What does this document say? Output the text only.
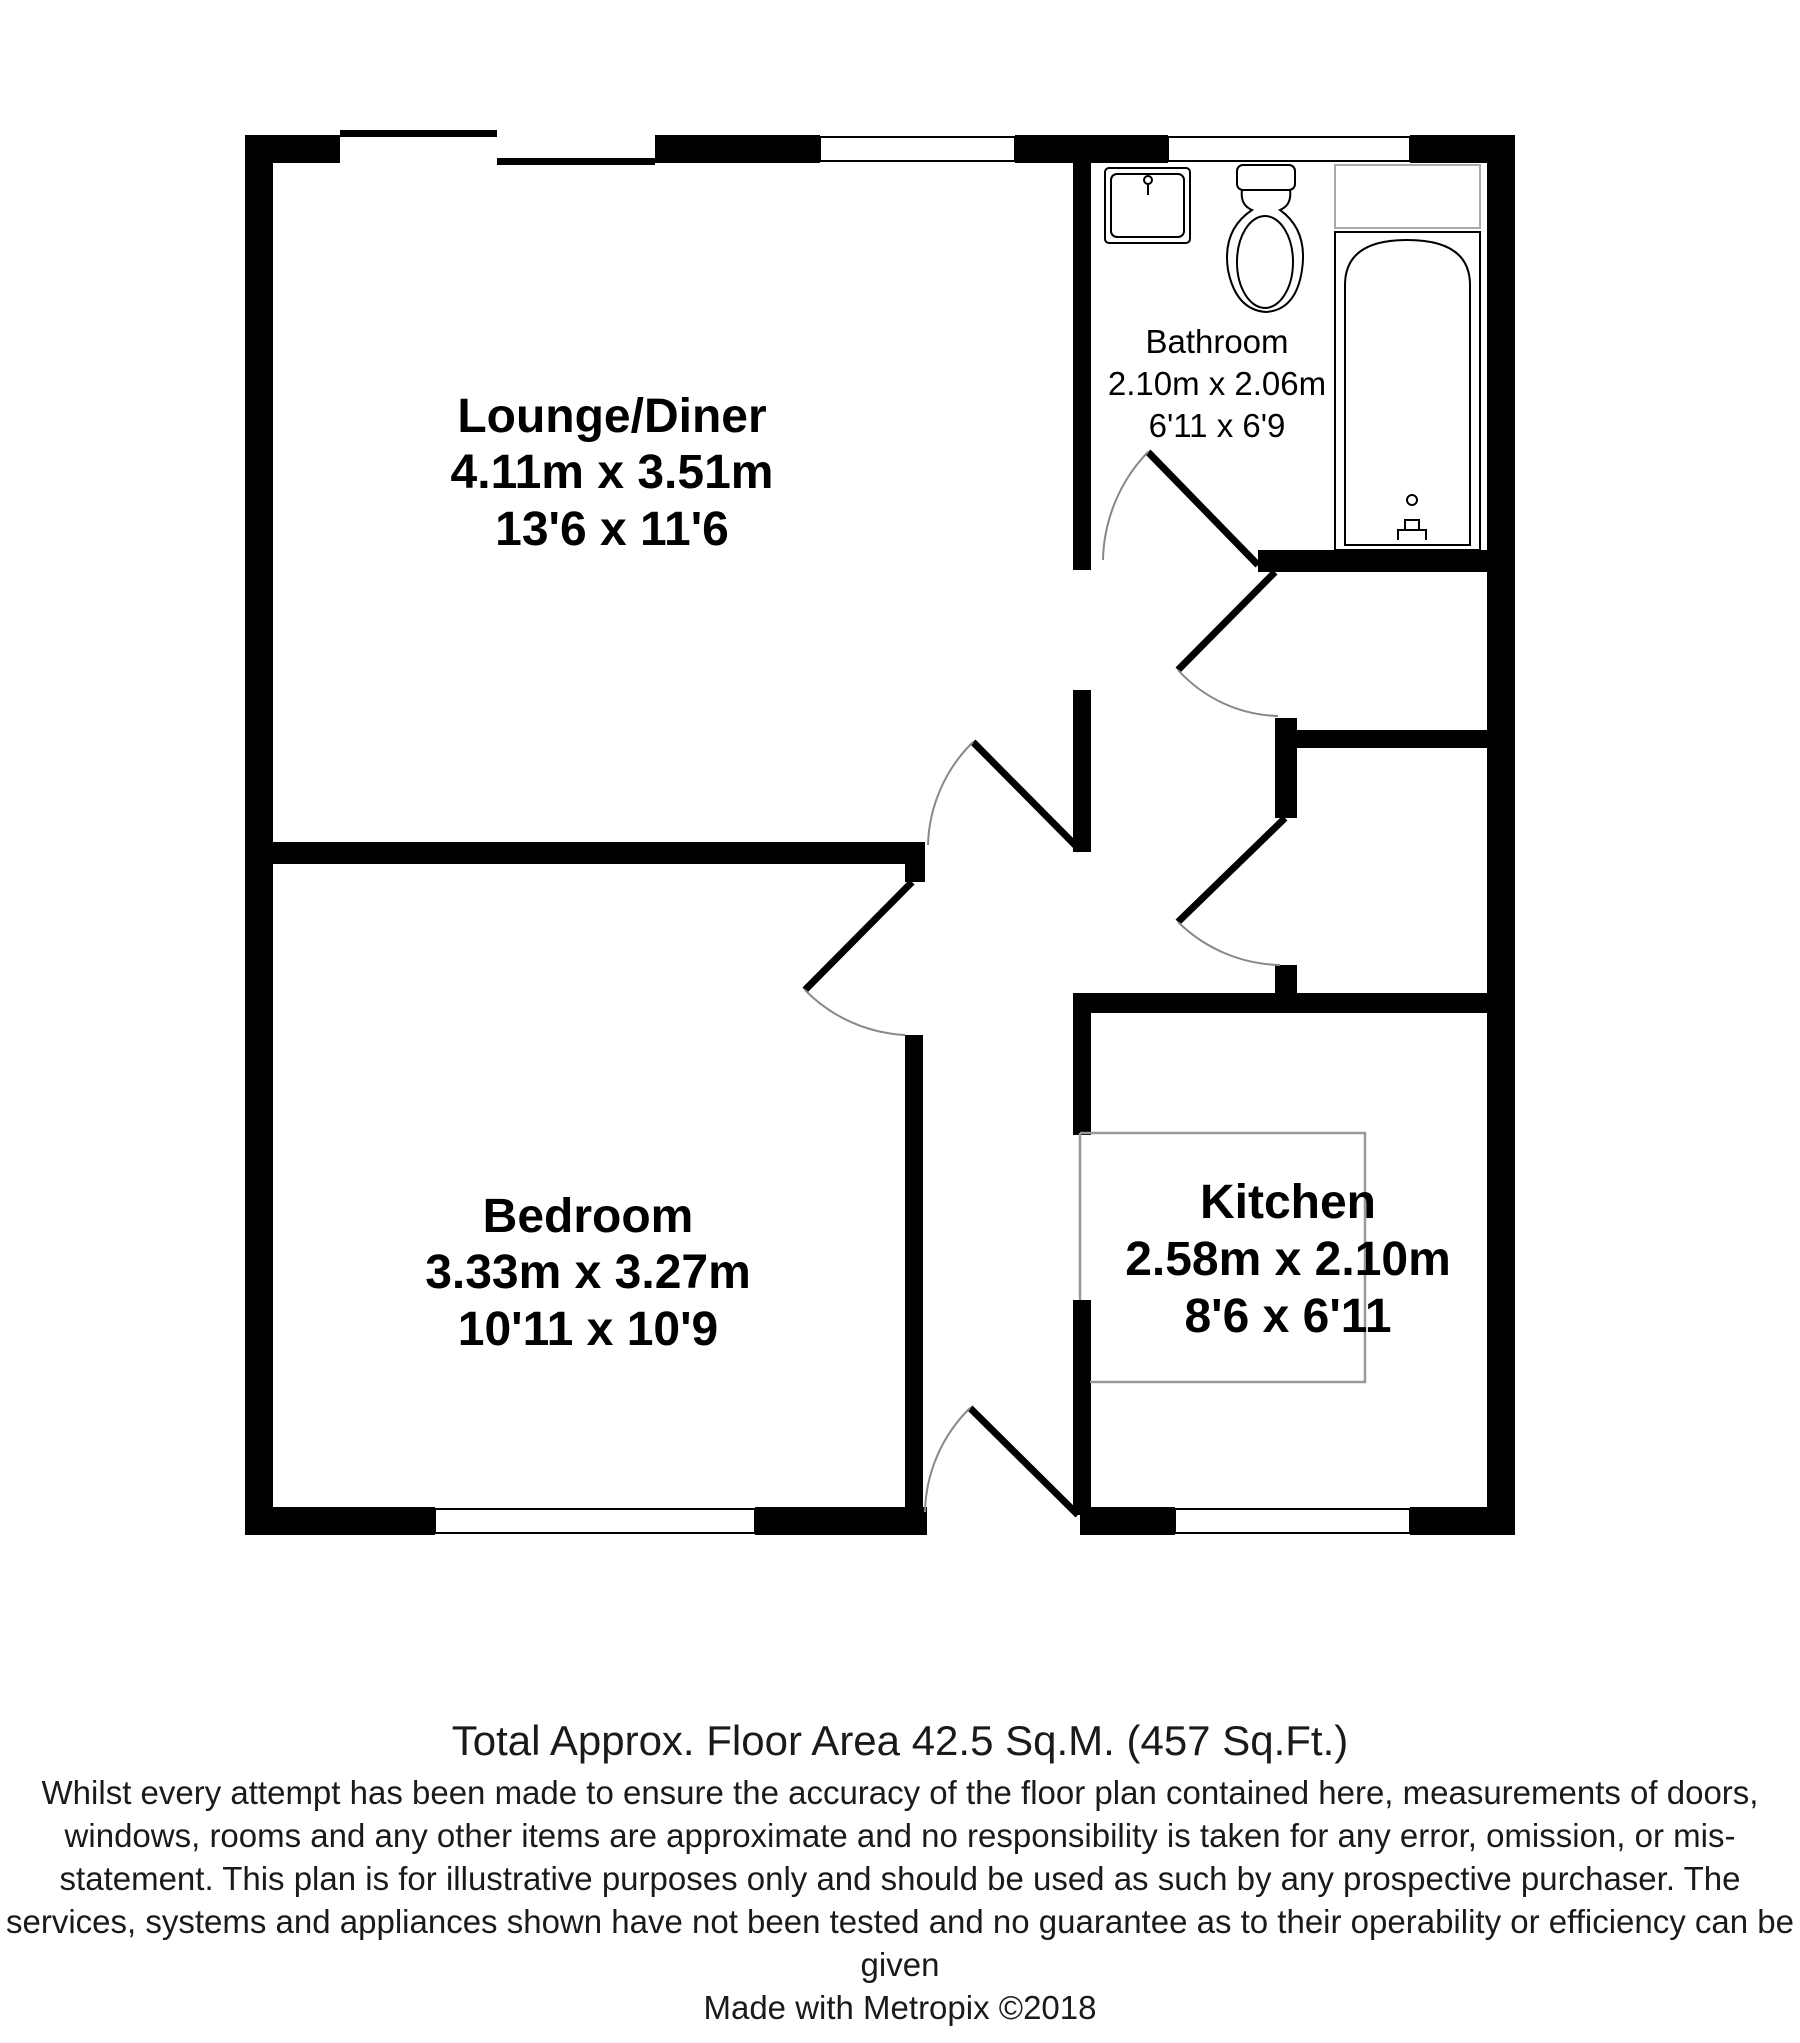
Lounge/Diner
4.11m x 3.51m
13'6 x 11'6
Bathroom
2.10m x 2.06m
6'11 x 6'9
Bedroom
3.33m x 3.27m
10'11 x 10'9
Kitchen
2.58m x 2.10m
8'6 x 6'11
Total Approx. Floor Area 42.5 Sq.M. (457 Sq.Ft.)
Whilst every attempt has been made to ensure the accuracy of the floor plan contained here, measurements of doors, windows, rooms and any other items are approximate and no responsibility is taken for any error, omission, or mis-statement. This plan is for illustrative purposes only and should be used as such by any prospective purchaser. The services, systems and appliances shown have not been tested and no guarantee as to their operability or efficiency can be given
Made with Metropix ©2018
